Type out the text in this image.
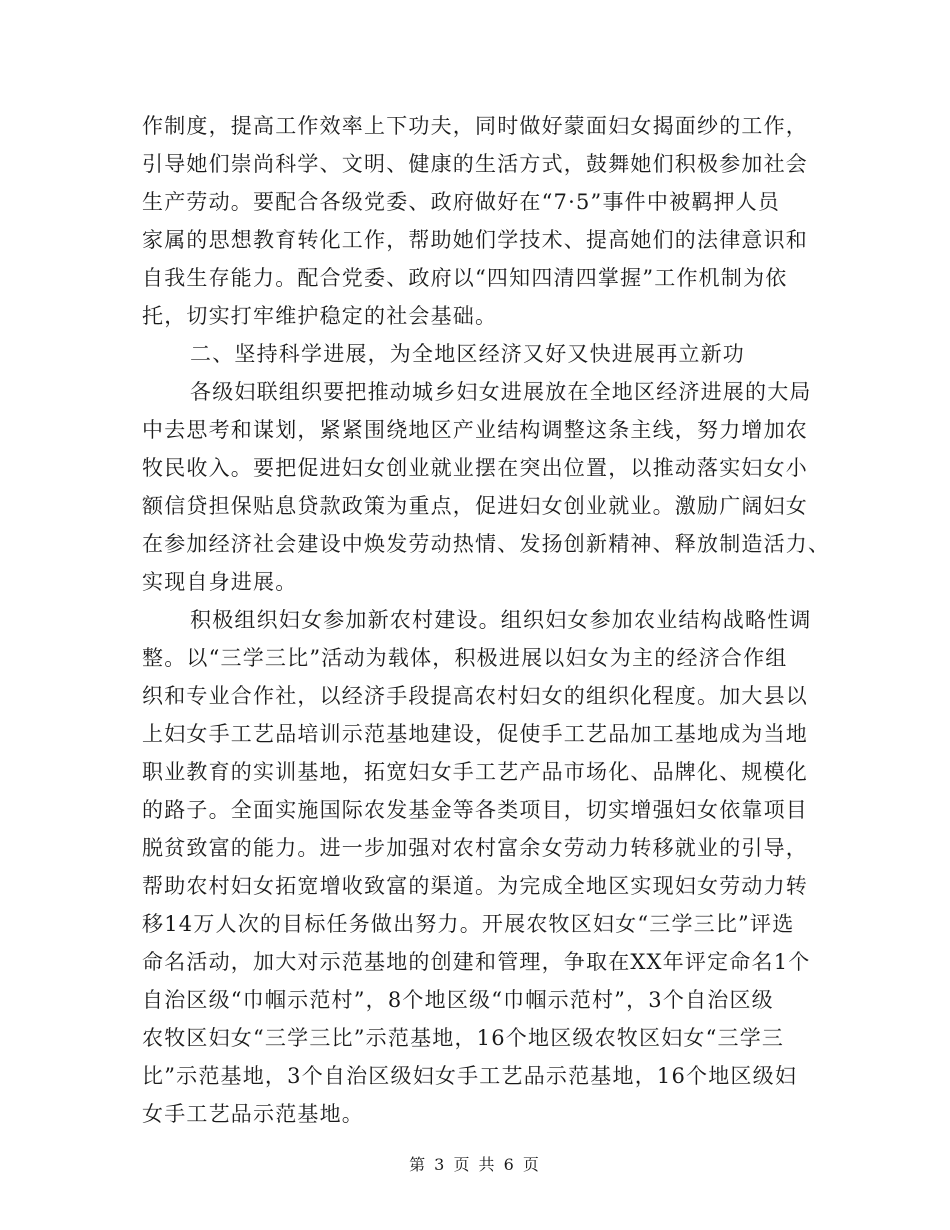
作制度，提高工作效率上下功夫，同时做好蒙面妇女揭面纱的工作，
引导她们崇尚科学、文明、健康的生活方式，鼓舞她们积极参加社会
生产劳动。要配合各级党委、政府做好在“7·5”事件中被羁押人员
家属的思想教育转化工作，帮助她们学技术、提高她们的法律意识和
自我生存能力。配合党委、政府以“四知四清四掌握”工作机制为依
托，切实打牢维护稳定的社会基础。
二、坚持科学进展，为全地区经济又好又快进展再立新功
各级妇联组织要把推动城乡妇女进展放在全地区经济进展的大局
中去思考和谋划，紧紧围绕地区产业结构调整这条主线，努力增加农
牧民收入。要把促进妇女创业就业摆在突出位置，以推动落实妇女小
额信贷担保贴息贷款政策为重点，促进妇女创业就业。激励广阔妇女
在参加经济社会建设中焕发劳动热情、发扬创新精神、释放制造活力、
实现自身进展。
积极组织妇女参加新农村建设。组织妇女参加农业结构战略性调
整。以“三学三比”活动为载体，积极进展以妇女为主的经济合作组
织和专业合作社，以经济手段提高农村妇女的组织化程度。加大县以
上妇女手工艺品培训示范基地建设，促使手工艺品加工基地成为当地
职业教育的实训基地，拓宽妇女手工艺产品市场化、品牌化、规模化
的路子。全面实施国际农发基金等各类项目，切实增强妇女依靠项目
脱贫致富的能力。进一步加强对农村富余女劳动力转移就业的引导，
帮助农村妇女拓宽增收致富的渠道。为完成全地区实现妇女劳动力转
移14万人次的目标任务做出努力。开展农牧区妇女“三学三比”评选
命名活动，加大对示范基地的创建和管理，争取在XX年评定命名1个
自治区级“巾帼示范村”，8个地区级“巾帼示范村”，3个自治区级
农牧区妇女“三学三比”示范基地，16个地区级农牧区妇女“三学三
比”示范基地，3个自治区级妇女手工艺品示范基地，16个地区级妇
女手工艺品示范基地。
第 3 页 共 6 页
